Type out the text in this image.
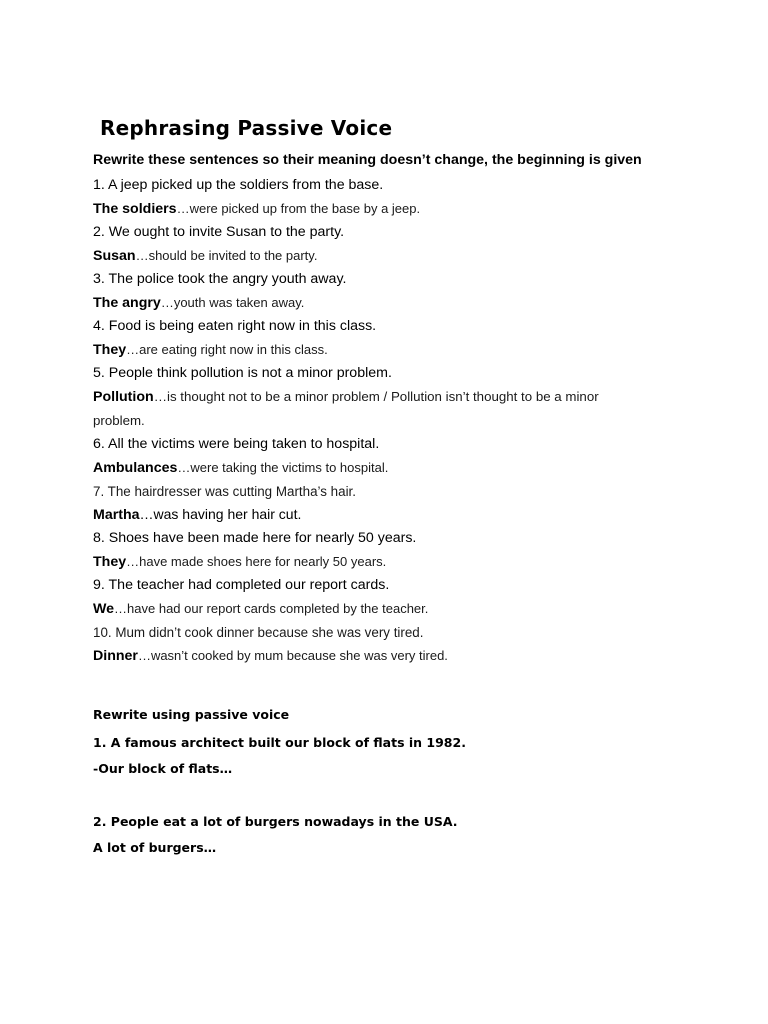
Rephrasing Passive Voice
Rewrite these sentences so their meaning doesn’t change, the beginning is given
1. A jeep picked up the soldiers from the base.
The soldiers…were picked up from the base by a jeep.
2. We ought to invite Susan to the party.
Susan…should be invited to the party.
3. The police took the angry youth away.
The angry…youth was taken away.
4. Food is being eaten right now in this class.
They…are eating right now in this class.
5. People think pollution is not a minor problem.
Pollution…is thought not to be a minor problem / Pollution isn’t thought to be a minor problem.
6. All the victims were being taken to hospital.
Ambulances…were taking the victims to hospital.
7. The hairdresser was cutting Martha’s hair.
Martha…was having her hair cut.
8. Shoes have been made here for nearly 50 years.
They…have made shoes here for nearly 50 years.
9. The teacher had completed our report cards.
We…have had our report cards completed by the teacher.
10. Mum didn’t cook dinner because she was very tired.
Dinner…wasn’t cooked by mum because she was very tired.
Rewrite using passive voice
1. A famous architect built our block of flats in 1982.
-Our block of flats…
2. People eat a lot of burgers nowadays in the USA.
A lot of burgers…
